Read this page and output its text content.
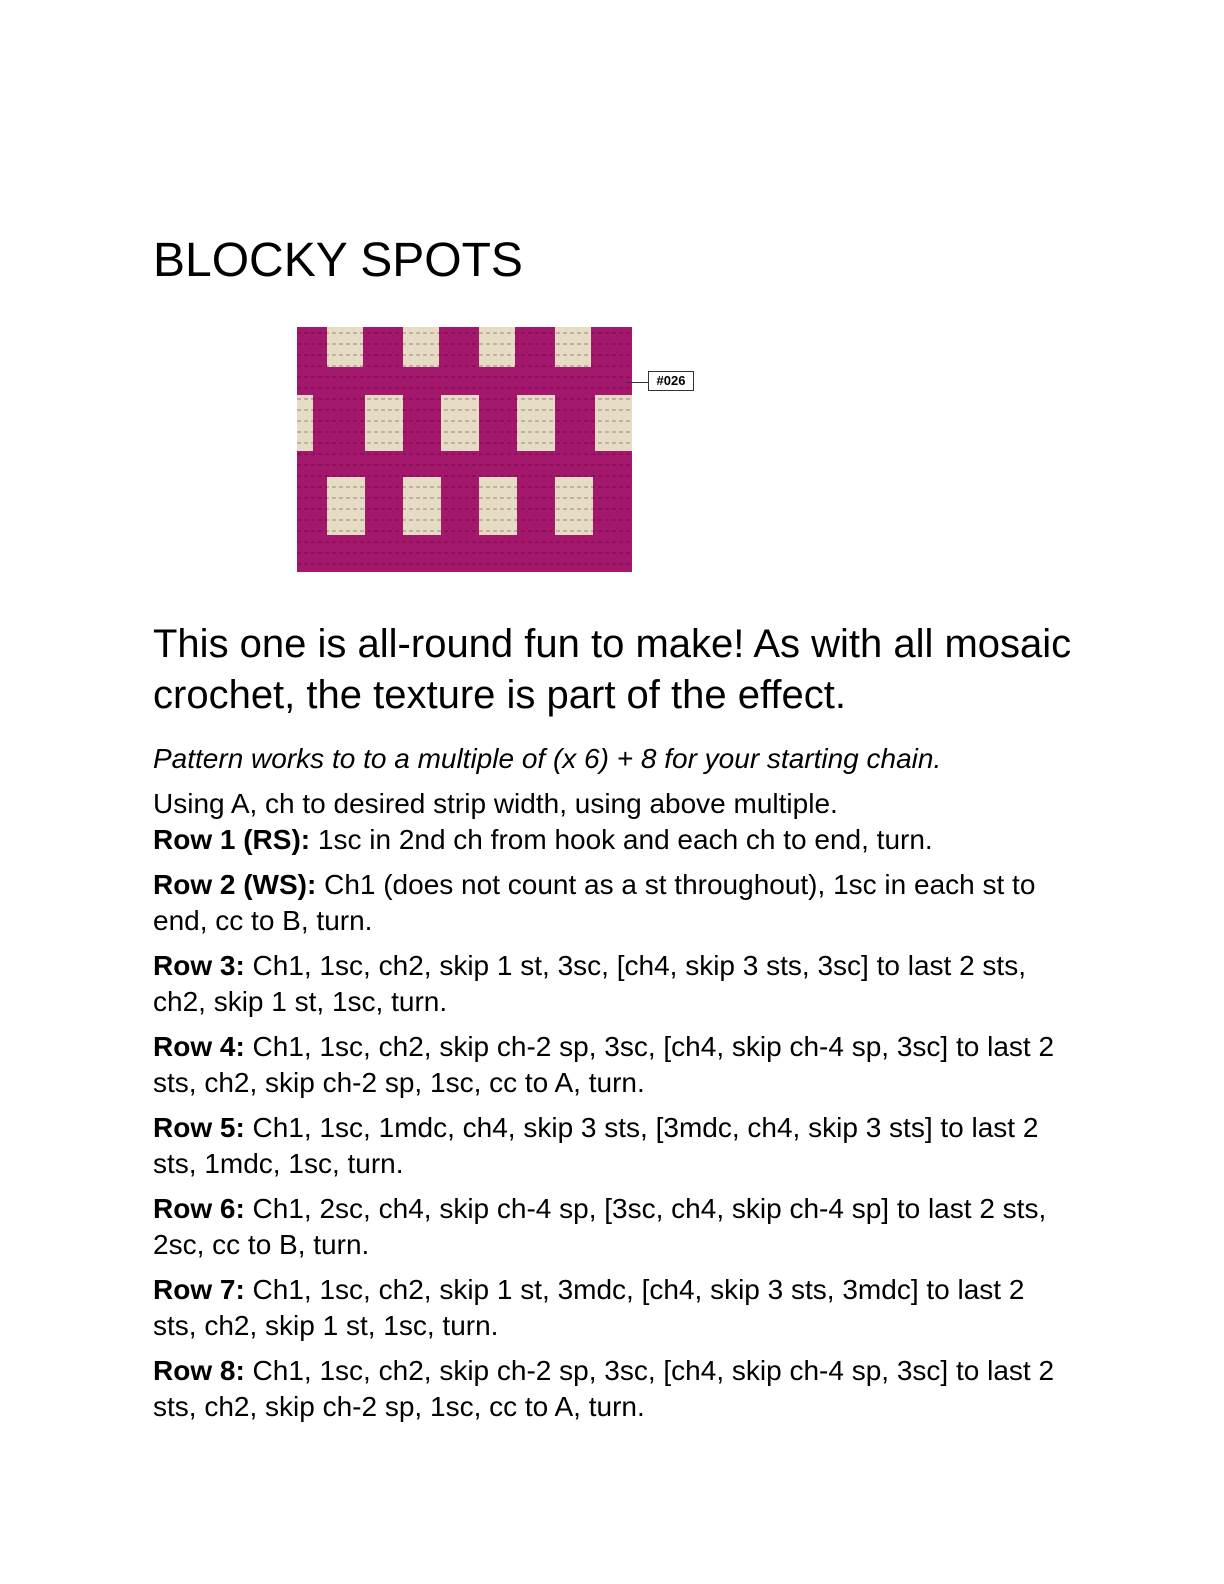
BLOCKY SPOTS
#026

This one is all-round fun to make! As with all mosaic crochet, the texture is part of the effect.

Pattern works to to a multiple of (x 6) + 8 for your starting chain.

Using A, ch to desired strip width, using above multiple.

Row 1 (RS): 1sc in 2nd ch from hook and each ch to end, turn.

Row 2 (WS): Ch1 (does not count as a st throughout), 1sc in each st to end, cc to B, turn.

Row 3: Ch1, 1sc, ch2, skip 1 st, 3sc, [ch4, skip 3 sts, 3sc] to last 2 sts, ch2, skip 1 st, 1sc, turn.

Row 4: Ch1, 1sc, ch2, skip ch-2 sp, 3sc, [ch4, skip ch-4 sp, 3sc] to last 2 sts, ch2, skip ch-2 sp, 1sc, cc to A, turn.

Row 5: Ch1, 1sc, 1mdc, ch4, skip 3 sts, [3mdc, ch4, skip 3 sts] to last 2 sts, 1mdc, 1sc, turn.

Row 6: Ch1, 2sc, ch4, skip ch-4 sp, [3sc, ch4, skip ch-4 sp] to last 2 sts, 2sc, cc to B, turn.

Row 7: Ch1, 1sc, ch2, skip 1 st, 3mdc, [ch4, skip 3 sts, 3mdc] to last 2 sts, ch2, skip 1 st, 1sc, turn.

Row 8: Ch1, 1sc, ch2, skip ch-2 sp, 3sc, [ch4, skip ch-4 sp, 3sc] to last 2 sts, ch2, skip ch-2 sp, 1sc, cc to A, turn.
